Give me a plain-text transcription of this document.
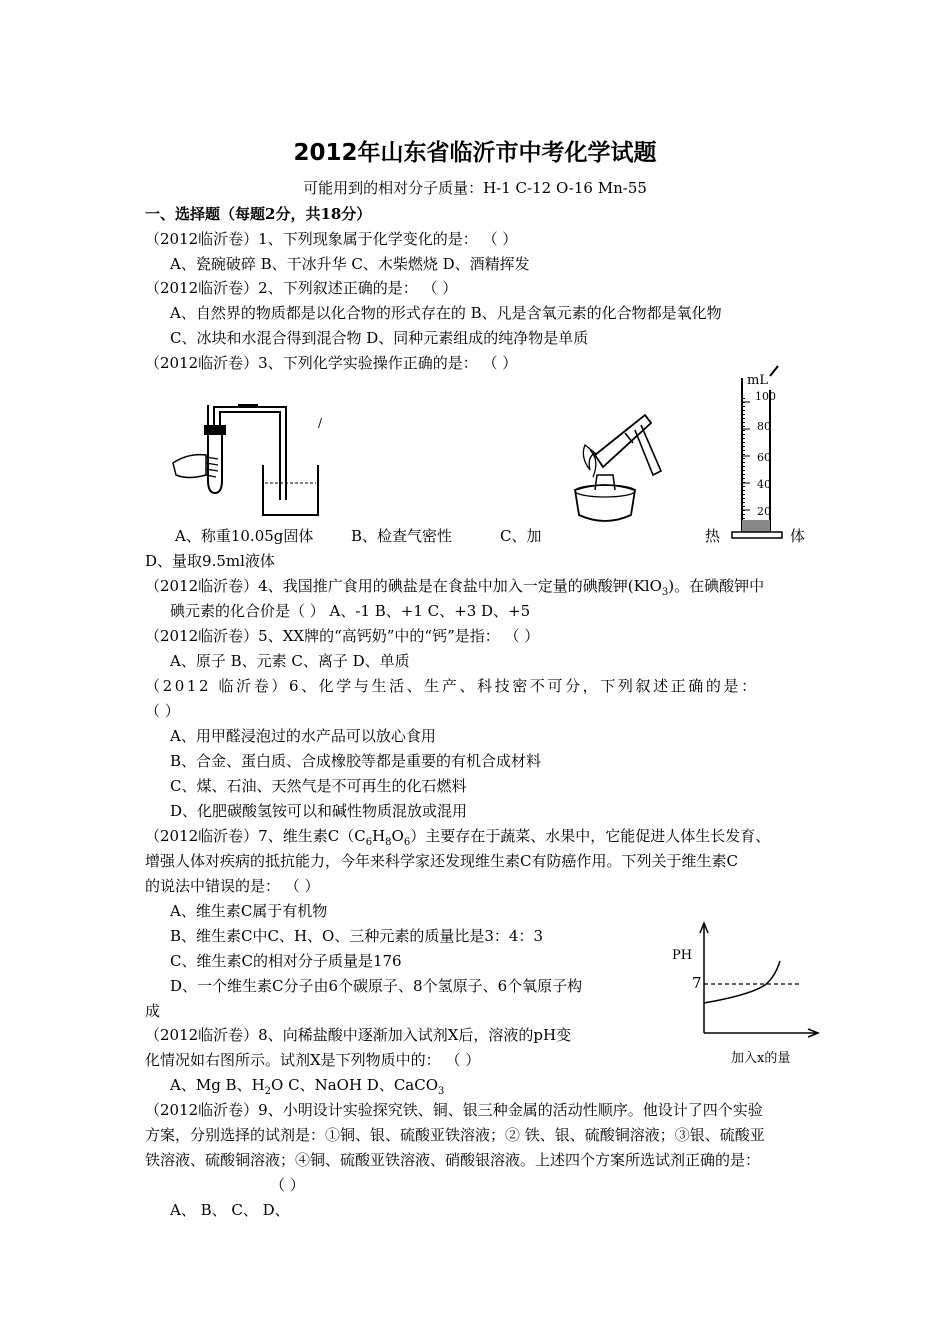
2012年山东省临沂市中考化学试题
可能用到的相对分子质量：H-1 C-12 O-16 Mn-55
一、选择题（每题2分，共18分）
（2012临沂卷）1、下列现象属于化学变化的是： （ ）
A、瓷碗破碎 B、干冰升华 C、木柴燃烧 D、酒精挥发
（2012临沂卷）2、下列叙述正确的是： （ ）
A、自然界的物质都是以化合物的形式存在的 B、凡是含氧元素的化合物都是氧化物
C、冰块和水混合得到混合物 D、同种元素组成的纯净物是单质
（2012临沂卷）3、下列化学实验操作正确的是： （ ）
/
mL
100
80
60
40
20
A、称重10.05g固体	B、检查气密性	C、加	热	体
D、量取9.5ml液体
（2012临沂卷）4、我国推广食用的碘盐是在食盐中加入一定量的碘酸钾(KlO$_3$)。在碘酸钾中
碘元素的化合价是（ ） A、-1 B、+1 C、+3 D、+5
（2012临沂卷）5、XX牌的“高钙奶”中的“钙”是指： （ ）
A、原子 B、元素 C、离子 D、单质
（2012 临沂卷）6、化学与生活、生产、科技密不可分，下列叙述正确的是：
（ ）
A、用甲醛浸泡过的水产品可以放心食用
B、合金、蛋白质、合成橡胶等都是重要的有机合成材料
C、煤、石油、天然气是不可再生的化石燃料
D、化肥碳酸氢铵可以和碱性物质混放或混用
（2012临沂卷）7、维生素$C(C_6H_8O_6)$主要存在于蔬菜、水果中，它能促进人体生长发育、
增强人体对疾病的抵抗能力，今年来科学家还发现维生素C有防癌作用。下列关于维生素C
的说法中错误的是： （ ）
A、维生素C属于有机物
B、维生素C中C、H、O、三种元素的质量比是3：4：3
C、维生素C的相对分子质量是176
D、一个维生素C分子由6个碳原子、8个氢原子、6个氧原子构
成
PH
7
加入x的量
（2012临沂卷）8、向稀盐酸中逐渐加入试剂X后，溶液的pH变
化情况如右图所示。试剂X是下列物质中的： （ ）
A、Mg B、$H_2O$ C、NaOH D、CaCO$_3$
（2012临沂卷）9、小明设计实验探究铁、铜、银三种金属的活动性顺序。他设计了四个实验
方案，分别选择的试剂是：①铜、银、硫酸亚铁溶液；② 铁、银、硫酸铜溶液；③银、硫酸亚
铁溶液、硫酸铜溶液；④铜、硫酸亚铁溶液、硝酸银溶液。上述四个方案所选试剂正确的是：
（ ）
A、 B、 C、 D、
